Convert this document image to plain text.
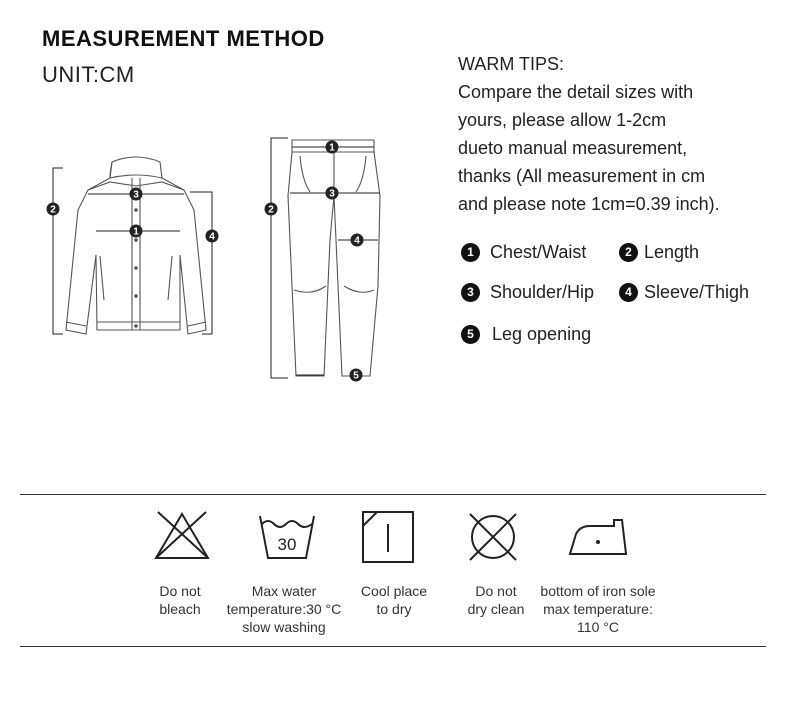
MEASUREMENT METHOD
UNIT:CM	WARM TIPS:
Compare the detail sizes with
yours, please allow 1-2cm
dueto manual measurement,
thanks (All measurement in cm
and please note 1cm=0.39 inch).
1 Chest/Waist	2 Length
3 Shoulder/Hip	4 Sleeve/Thigh
5	Leg opening
2
3
1	4
1
2
3
4
5
30
Do not
bleach
Max water
temperature:30 °C
slow washing
Cool place
to dry
Do not
dry clean
bottom of iron sole
max temperature:
110 °C
